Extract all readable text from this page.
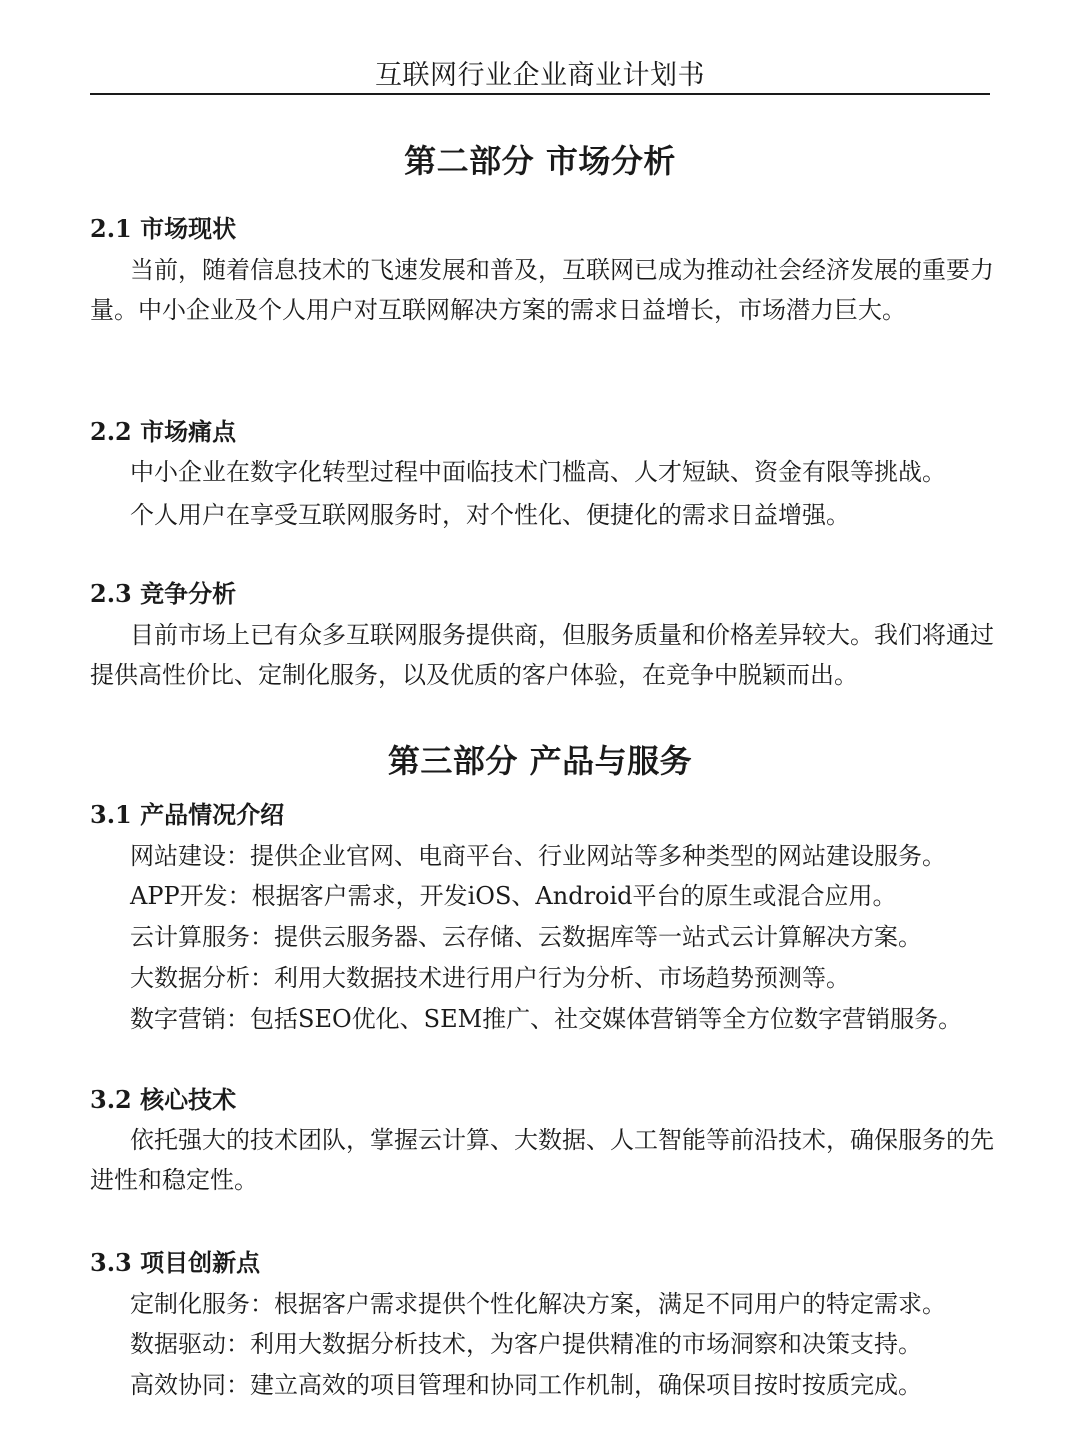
互联网行业企业商业计划书
第二部分 市场分析
2.1 市场现状

当前，随着信息技术的飞速发展和普及，互联网已成为推动社会经济发展的重要力量。中小企业及个人用户对互联网解决方案的需求日益增长，市场潜力巨大。

2.2 市场痛点
中小企业在数字化转型过程中面临技术门槛高、人才短缺、资金有限等挑战。
个人用户在享受互联网服务时，对个性化、便捷化的需求日益增强。
2.3 竞争分析

目前市场上已有众多互联网服务提供商，但服务质量和价格差异较大。我们将通过提供高性价比、定制化服务，以及优质的客户体验，在竞争中脱颖而出。

第三部分 产品与服务
3.1 产品情况介绍
网站建设：提供企业官网、电商平台、行业网站等多种类型的网站建设服务。
APP开发：根据客户需求，开发iOS、Android平台的原生或混合应用。
云计算服务：提供云服务器、云存储、云数据库等一站式云计算解决方案。
大数据分析：利用大数据技术进行用户行为分析、市场趋势预测等。
数字营销：包括SEO优化、SEM推广、社交媒体营销等全方位数字营销服务。
3.2 核心技术

依托强大的技术团队，掌握云计算、大数据、人工智能等前沿技术，确保服务的先进性和稳定性。

3.3 项目创新点
定制化服务：根据客户需求提供个性化解决方案，满足不同用户的特定需求。
数据驱动：利用大数据分析技术，为客户提供精准的市场洞察和决策支持。
高效协同：建立高效的项目管理和协同工作机制，确保项目按时按质完成。
